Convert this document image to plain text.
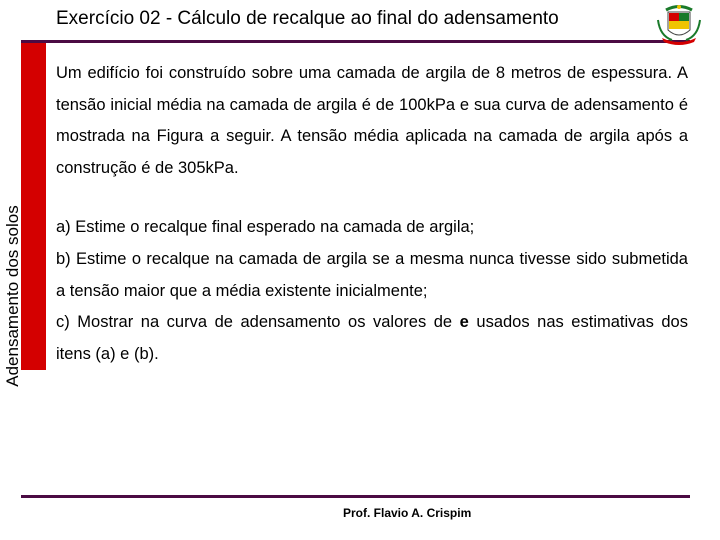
Adensamento dos solos
Exercício 02 - Cálculo de recalque ao final do adensamento

Um edifício foi construído sobre uma camada de argila de 8 metros de espessura. A tensão inicial média na camada de argila é de 100kPa e sua curva de adensamento é mostrada na Figura a seguir. A tensão média aplicada na camada de argila após a construção é de 305kPa.

a) Estime o recalque final esperado na camada de argila;

b) Estime o recalque na camada de argila se a mesma nunca tivesse sido submetida a tensão maior que a média existente inicialmente;

c) Mostrar na curva de adensamento os valores de e usados nas estimativas dos itens (a) e (b).

Prof. Flavio A. Crispim
